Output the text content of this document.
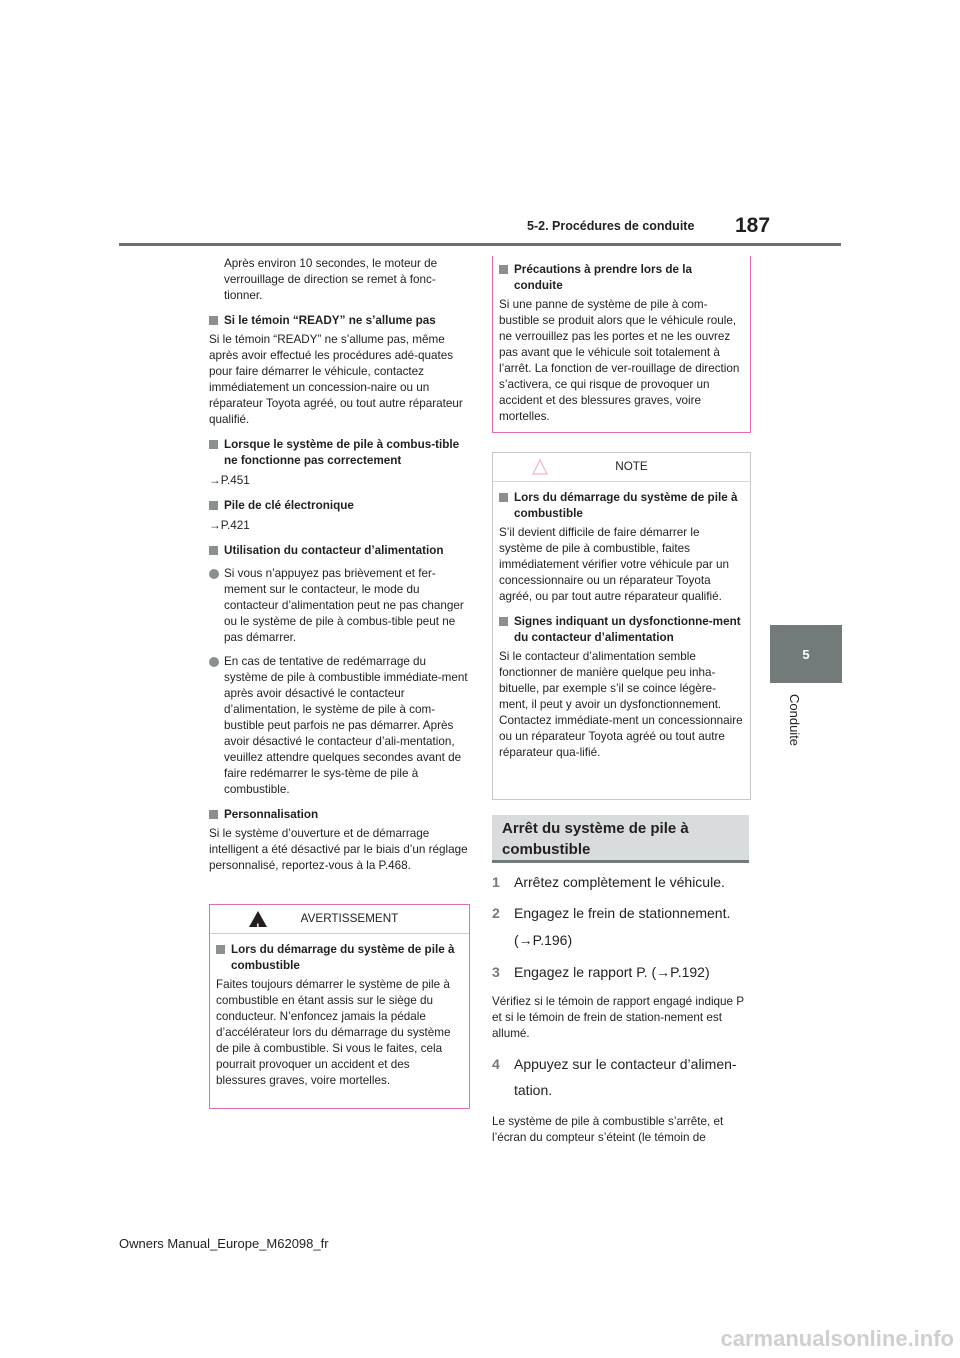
5-2. Procédures de conduite 187
5
Conduite

Après environ 10 secondes, le moteur de verrouillage de direction se remet à fonc-tionner.

Si le témoin “READY” ne s’allume pas

Si le témoin “READY” ne s’allume pas, même après avoir effectué les procédures adé-quates pour faire démarrer le véhicule, contactez immédiatement un concession-naire ou un réparateur Toyota agréé, ou tout autre réparateur qualifié.

Lorsque le système de pile à combus-tible ne fonctionne pas correctement

→P.451

Pile de clé électronique

→P.421

Utilisation du contacteur d’alimentation

Si vous n’appuyez pas brièvement et fer-mement sur le contacteur, le mode du contacteur d’alimentation peut ne pas changer ou le système de pile à combus-tible peut ne pas démarrer.

En cas de tentative de redémarrage du système de pile à combustible immédiate-ment après avoir désactivé le contacteur d’alimentation, le système de pile à com-bustible peut parfois ne pas démarrer. Après avoir désactivé le contacteur d’ali-mentation, veuillez attendre quelques secondes avant de faire redémarrer le sys-tème de pile à combustible.

Personnalisation

Si le système d’ouverture et de démarrage intelligent a été désactivé par le biais d’un réglage personnalisé, reportez-vous à la P.468.

!
AVERTISSEMENT

Lors du démarrage du système de pile à combustible

Faites toujours démarrer le système de pile à combustible en étant assis sur le siège du conducteur. N’enfoncez jamais la pédale d’accélérateur lors du démarrage du système de pile à combustible. Si vous le faites, cela pourrait provoquer un accident et des blessures graves, voire mortelles.

Précautions à prendre lors de la conduite

Si une panne de système de pile à com-bustible se produit alors que le véhicule roule, ne verrouillez pas les portes et ne les ouvrez pas avant que le véhicule soit totalement à l’arrêt. La fonction de ver-rouillage de direction s’activera, ce qui risque de provoquer un accident et des blessures graves, voire mortelles.

NOTE

Lors du démarrage du système de pile à combustible

S’il devient difficile de faire démarrer le système de pile à combustible, faites immédiatement vérifier votre véhicule par un concessionnaire ou un réparateur Toyota agréé, ou par tout autre réparateur qualifié.

Signes indiquant un dysfonctionne-ment du contacteur d’alimentation

Si le contacteur d’alimentation semble fonctionner de manière quelque peu inha-bituelle, par exemple s’il se coince légère-ment, il peut y avoir un dysfonctionnement. Contactez immédiate-ment un concessionnaire ou un réparateur Toyota agréé ou tout autre réparateur qua-lifié.

Arrêt du système de pile à combustible
1 Arrêtez complètement le véhicule.
2 Engagez le frein de stationnement. (→P.196)
3 Engagez le rapport P. (→P.192)

Vérifiez si le témoin de rapport engagé indique P et si le témoin de frein de station-nement est allumé.

4 Appuyez sur le contacteur d’alimen-tation.

Le système de pile à combustible s’arrête, et l’écran du compteur s’éteint (le témoin de

Owners Manual_Europe_M62098_fr
carmanualsonline.info
